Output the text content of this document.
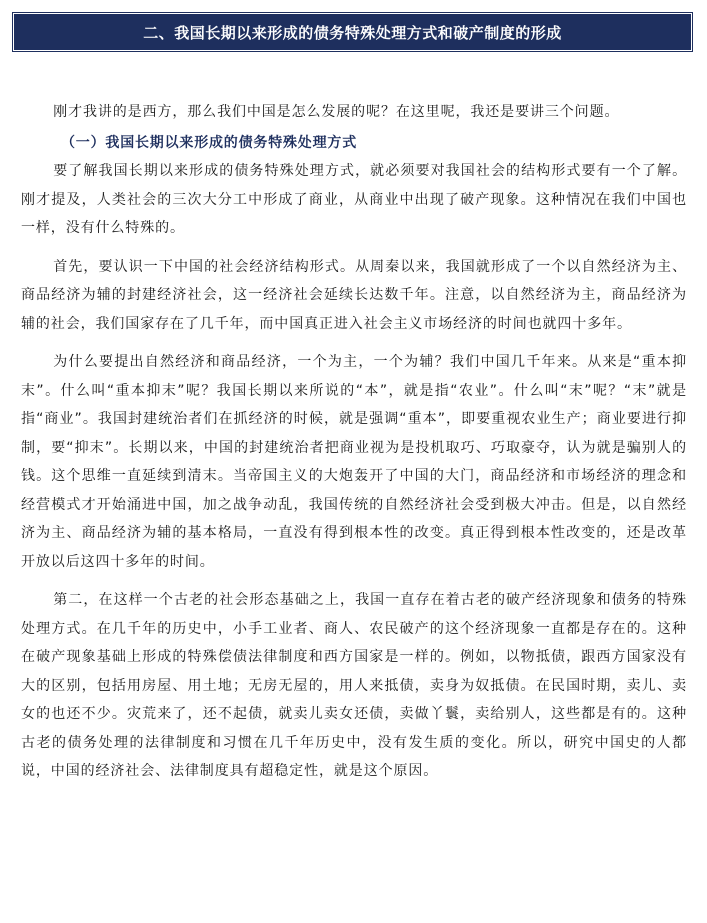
二、我国长期以来形成的债务特殊处理方式和破产制度的形成

刚才我讲的是西方，那么我们中国是怎么发展的呢？在这里呢，我还是要讲三个问题。

（一）我国长期以来形成的债务特殊处理方式

要了解我国长期以来形成的债务特殊处理方式，就必须要对我国社会的结构形式要有一个了解。刚才提及，人类社会的三次大分工中形成了商业，从商业中出现了破产现象。这种情况在我们中国也一样，没有什么特殊的。

首先，要认识一下中国的社会经济结构形式。从周秦以来，我国就形成了一个以自然经济为主、商品经济为辅的封建经济社会，这一经济社会延续长达数千年。注意，以自然经济为主，商品经济为辅的社会，我们国家存在了几千年，而中国真正进入社会主义市场经济的时间也就四十多年。

为什么要提出自然经济和商品经济，一个为主，一个为辅？我们中国几千年来。从来是“重本抑末”。什么叫“重本抑末”呢？我国长期以来所说的“本”，就是指“农业”。什么叫“末”呢？“末”就是指“商业”。我国封建统治者们在抓经济的时候，就是强调“重本”，即要重视农业生产；商业要进行抑制，要“抑末”。长期以来，中国的封建统治者把商业视为是投机取巧、巧取豪夺，认为就是骗别人的钱。这个思维一直延续到清末。当帝国主义的大炮轰开了中国的大门，商品经济和市场经济的理念和经营模式才开始涌进中国，加之战争动乱，我国传统的自然经济社会受到极大冲击。但是，以自然经济为主、商品经济为辅的基本格局，一直没有得到根本性的改变。真正得到根本性改变的，还是改革开放以后这四十多年的时间。

第二，在这样一个古老的社会形态基础之上，我国一直存在着古老的破产经济现象和债务的特殊处理方式。在几千年的历史中，小手工业者、商人、农民破产的这个经济现象一直都是存在的。这种在破产现象基础上形成的特殊偿债法律制度和西方国家是一样的。例如，以物抵债，跟西方国家没有大的区别，包括用房屋、用土地；无房无屋的，用人来抵债，卖身为奴抵债。在民国时期，卖儿、卖女的也还不少。灾荒来了，还不起债，就卖儿卖女还债，卖做丫鬟，卖给别人，这些都是有的。这种古老的债务处理的法律制度和习惯在几千年历史中，没有发生质的变化。所以，研究中国史的人都说，中国的经济社会、法律制度具有超稳定性，就是这个原因。
